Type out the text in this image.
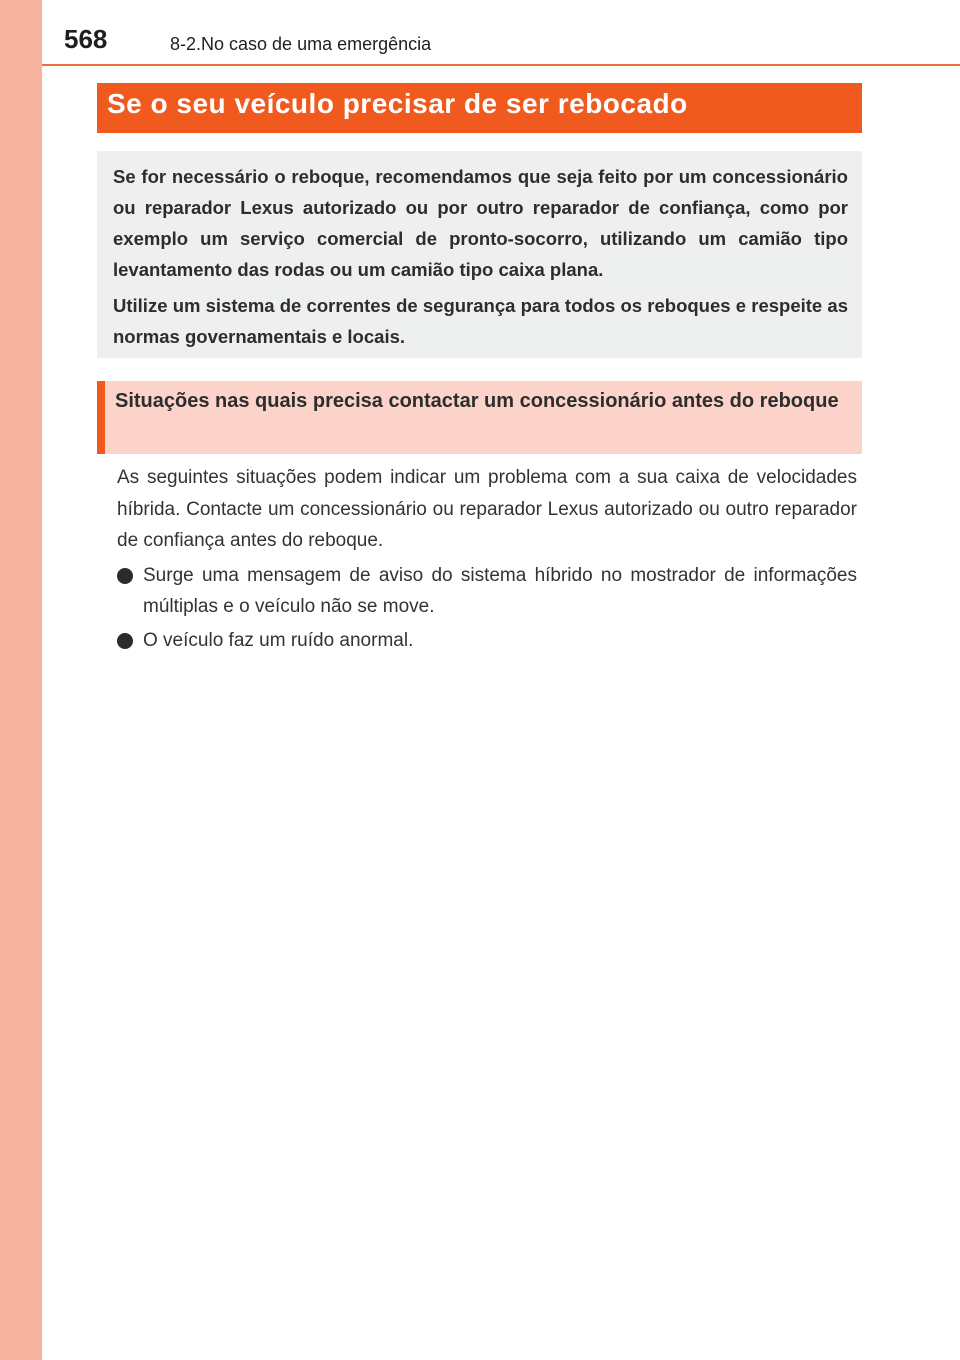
568	8-2.No caso de uma emergência
Se o seu veículo precisar de ser rebocado

Se for necessário o reboque, recomendamos que seja feito por um concessionário ou reparador Lexus autorizado ou por outro reparador de confiança, como por exemplo um serviço comercial de pronto-socorro, utilizando um camião tipo levantamento das rodas ou um camião tipo caixa plana.

Utilize um sistema de correntes de segurança para todos os reboques e respeite as normas governamentais e locais.

Situações nas quais precisa contactar um concessionário antes do reboque

As seguintes situações podem indicar um problema com a sua caixa de velocidades híbrida. Contacte um concessionário ou reparador Lexus autorizado ou outro reparador de confiança antes do reboque.

Surge uma mensagem de aviso do sistema híbrido no mostrador de informações múltiplas e o veículo não se move.
O veículo faz um ruído anormal.
